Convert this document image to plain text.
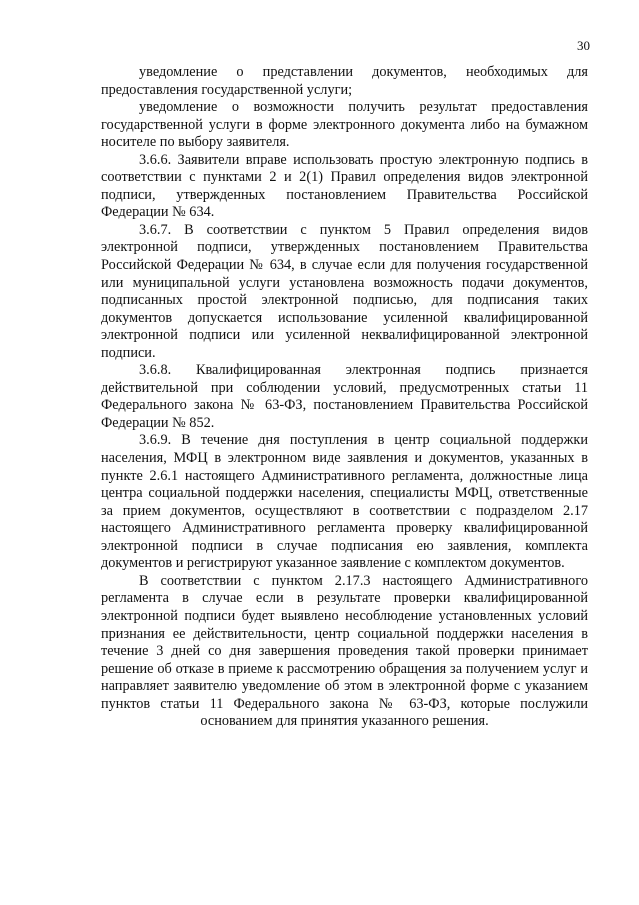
30

уведомление о представлении документов, необходимых для предоставления государственной услуги;

уведомление о возможности получить результат предоставления государственной услуги в форме электронного документа либо на бумажном носителе по выбору заявителя.

3.6.6. Заявители вправе использовать простую электронную подпись в соответствии с пунктами 2 и 2(1) Правил определения видов электронной подписи, утвержденных постановлением Правительства Российской Федерации № 634.

3.6.7. В соответствии с пунктом 5 Правил определения видов электронной подписи, утвержденных постановлением Правительства Российской Федерации № 634, в случае если для получения государственной или муниципальной услуги установлена возможность подачи документов, подписанных простой электронной подписью, для подписания таких документов допускается использование усиленной квалифицированной электронной подписи или усиленной неквалифицированной электронной подписи.

3.6.8. Квалифицированная электронная подпись признается действительной при соблюдении условий, предусмотренных статьи 11 Федерального закона № 63-ФЗ, постановлением Правительства Российской Федерации № 852.

3.6.9. В течение дня поступления в центр социальной поддержки населения, МФЦ в электронном виде заявления и документов, указанных в пункте 2.6.1 настоящего Административного регламента, должностные лица центра социальной поддержки населения, специалисты МФЦ, ответственные за прием документов, осуществляют в соответствии с подразделом 2.17 настоящего Административного регламента проверку квалифицированной электронной подписи в случае подписания ею заявления, комплекта документов и регистрируют указанное заявление с комплектом документов.

В соответствии с пунктом 2.17.3 настоящего Административного регламента в случае если в результате проверки квалифицированной электронной подписи будет выявлено несоблюдение установленных условий признания ее действительности, центр социальной поддержки населения в течение 3 дней со дня завершения проведения такой проверки принимает решение об отказе в приеме к рассмотрению обращения за получением услуг и направляет заявителю уведомление об этом в электронной форме с указанием пунктов статьи 11 Федерального закона № 63-ФЗ, которые послужили основанием для принятия указанного решения.
